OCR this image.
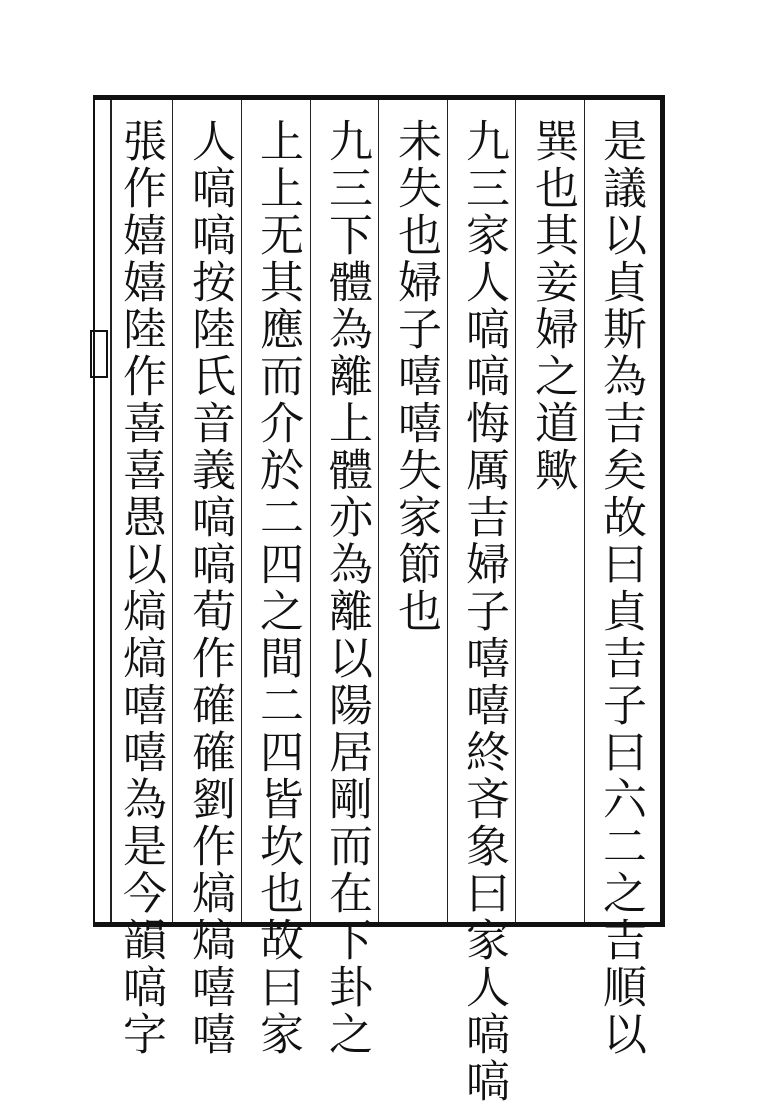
是議以貞斯為吉矣故曰貞吉子曰六二之吉順以
巽也其妾婦之道歟
九三家人嗃嗃悔厲吉婦子嘻嘻終吝象曰家人嗃嗃
未失也婦子嘻嘻失家節也
九三下體為離上體亦為離以陽居剛而在下卦之
上上无其應而介於二四之間二四皆坎也故曰家
人嗃嗃按陸氏音義嗃嗃荀作確確劉作熇熇嘻嘻
張作嬉嬉陸作喜喜愚以熇熇嘻嘻為是今韻嗃字
